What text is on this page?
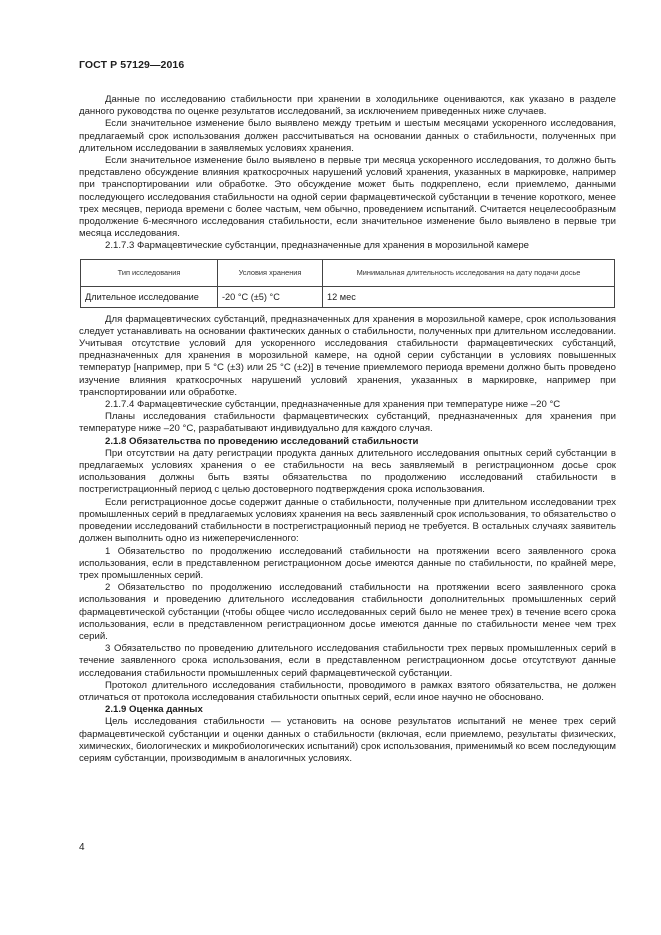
ГОСТ Р 57129—2016

Данные по исследованию стабильности при хранении в холодильнике оцениваются, как указано в разделе данного руководства по оценке результатов исследований, за исключением приведенных ниже случаев.

Если значительное изменение было выявлено между третьим и шестым месяцами ускоренного исследования, предлагаемый срок использования должен рассчитываться на основании данных о стабильности, полученных при длительном исследовании в заявляемых условиях хранения.

Если значительное изменение было выявлено в первые три месяца ускоренного исследования, то должно быть представлено обсуждение влияния краткосрочных нарушений условий хранения, указанных в маркировке, например при транспортировании или обработке. Это обсуждение может быть подкреплено, если приемлемо, данными последующего исследования стабильности на одной серии фармацевтической субстанции в течение короткого, менее трех месяцев, периода времени с более частым, чем обычно, проведением испытаний. Считается нецелесообразным продолжение 6-месячного исследования стабильности, если значительное изменение было выявлено в первые три месяца исследования.

2.1.7.3 Фармацевтические субстанции, предназначенные для хранения в морозильной камере

Тип исследования	Условия хранения	Минимальная длительность исследования на дату подачи досье
Длительное исследование	-20 °С (±5) °С	12 мес

Для фармацевтических субстанций, предназначенных для хранения в морозильной камере, срок использования следует устанавливать на основании фактических данных о стабильности, полученных при длительном исследовании. Учитывая отсутствие условий для ускоренного исследования стабильности фармацевтических субстанций, предназначенных для хранения в морозильной камере, на одной серии субстанции в условиях повышенных температур [например, при 5 °С (±3) или 25 °С (±2)] в течение приемлемого периода времени должно быть проведено изучение влияния краткосрочных нарушений условий хранения, указанных в маркировке, например при транспортировании или обработке.

2.1.7.4 Фармацевтические субстанции, предназначенные для хранения при температуре ниже –20 °С

Планы исследования стабильности фармацевтических субстанций, предназначенных для хранения при температуре ниже –20 °С, разрабатывают индивидуально для каждого случая.

2.1.8 Обязательства по проведению исследований стабильности

При отсутствии на дату регистрации продукта данных длительного исследования опытных серий субстанции в предлагаемых условиях хранения о ее стабильности на весь заявляемый в регистрационном досье срок использования должны быть взяты обязательства по продолжению исследований стабильности в пострегистрационный период с целью достоверного подтверждения срока использования.

Если регистрационное досье содержит данные о стабильности, полученные при длительном исследовании трех промышленных серий в предлагаемых условиях хранения на весь заявленный срок использования, то обязательство о проведении исследований стабильности в пострегистрационный период не требуется. В остальных случаях заявитель должен выполнить одно из нижеперечисленного:

1 Обязательство по продолжению исследований стабильности на протяжении всего заявленного срока использования, если в представленном регистрационном досье имеются данные по стабильности, по крайней мере, трех промышленных серий.

2 Обязательство по продолжению исследований стабильности на протяжении всего заявленного срока использования и проведению длительного исследования стабильности дополнительных промышленных серий фармацевтической субстанции (чтобы общее число исследованных серий было не менее трех) в течение всего срока использования, если в представленном регистрационном досье имеются данные по стабильности менее чем трех серий.

3 Обязательство по проведению длительного исследования стабильности трех первых промышленных серий в течение заявленного срока использования, если в представленном регистрационном досье отсутствуют данные исследования стабильности промышленных серий фармацевтической субстанции.

Протокол длительного исследования стабильности, проводимого в рамках взятого обязательства, не должен отличаться от протокола исследования стабильности опытных серий, если иное научно не обосновано.

2.1.9 Оценка данных

Цель исследования стабильности — установить на основе результатов испытаний не менее трех серий фармацевтической субстанции и оценки данных о стабильности (включая, если приемлемо, результаты физических, химических, биологических и микробиологических испытаний) срок использования, применимый ко всем последующим сериям субстанции, производимым в аналогичных условиях.

4
